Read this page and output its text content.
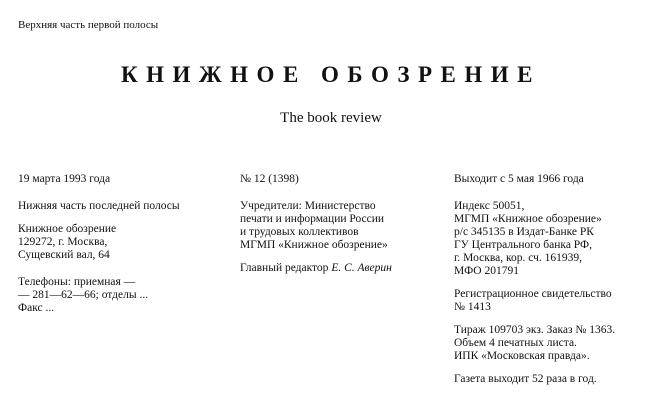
Верхняя часть первой полосы
КНИЖНОЕ ОБОЗРЕНИЕ
The book review
19 марта 1993 года
Нижняя часть последней полосы
Книжное обозрение
129272, г. Москва,
Сущевский вал, 64
Телефоны: приемная —
— 281—62—66; отделы ...
Факс ...
№ 12 (1398)
Учредители: Министерство
печати и информации России
и трудовых коллективов
МГМП «Книжное обозрение»
Главный редактор Е. С. Аверин
Выходит с 5 мая 1966 года
Индекс 50051,
МГМП «Книжное обозрение»
р/с 345135 в Издат-Банке РК
ГУ Центрального банка РФ,
г. Москва, кор. сч. 161939,
МФО 201791
Регистрационное свидетельство
№ 1413
Тираж 109703 экз. Заказ № 1363.
Объем 4 печатных листа.
ИПК «Московская правда».
Газета выходит 52 раза в год.
